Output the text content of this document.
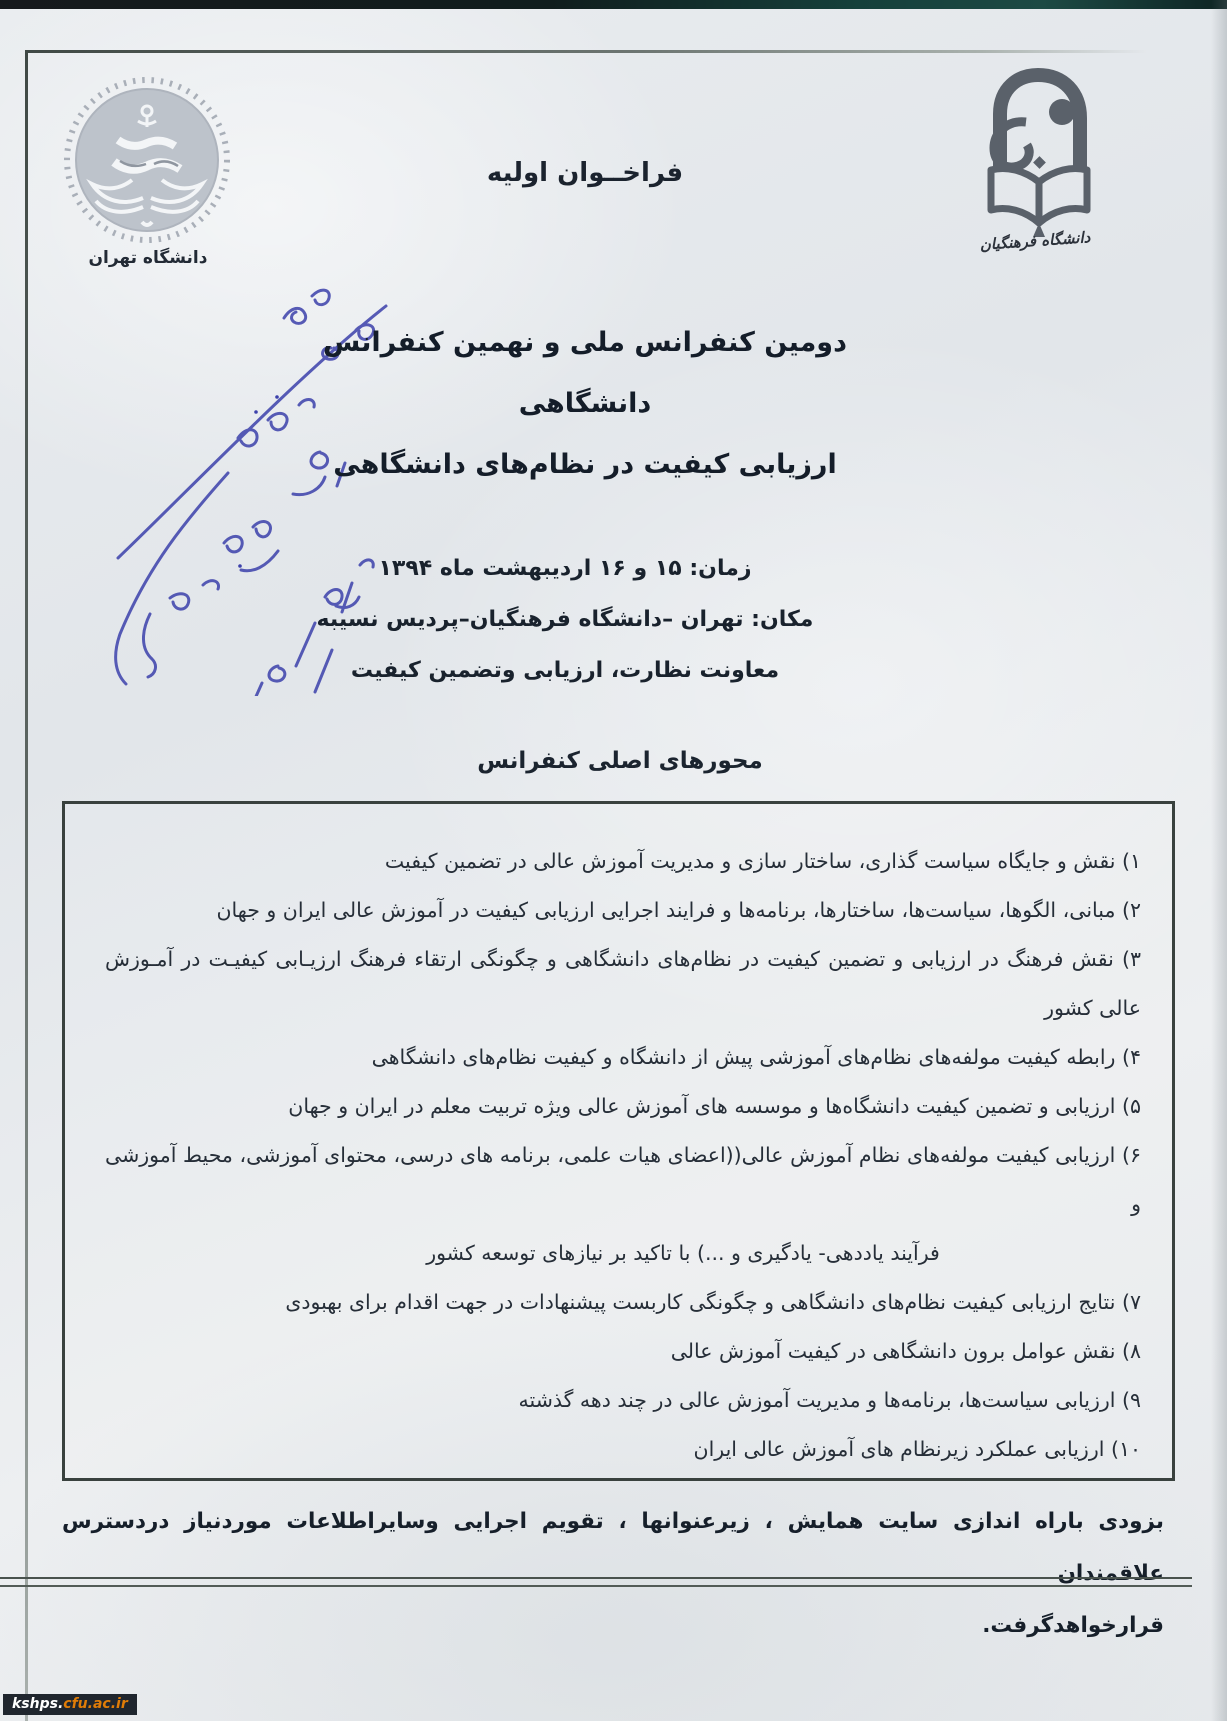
دانشگاه تهران
فراخــوان اولیه
دانشگاه فرهنگیان
دومین کنفرانس ملی و نهمین کنفرانس دانشگاهی
ارزیابی کیفیت در نظام‌های دانشگاهی
زمان: ۱۵ و ۱۶ اردیبهشت ماه ۱۳۹۴
مکان: تهران –دانشگاه فرهنگیان–پردیس نسیبه
معاونت نظارت، ارزیابی وتضمین کیفیت
محورهای اصلی کنفرانس
۱) نقش و جایگاه سیاست گذاری، ساختار سازی و مدیریت آموزش عالی در تضمین کیفیت
۲) مبانی، الگوها، سیاست‌ها، ساختارها، برنامه‌ها و فرایند اجرایی ارزیابی کیفیت در آموزش عالی ایران و جهان
۳) نقش فرهنگ در ارزیابی و تضمین کیفیت در نظام‌های دانشگاهی و چگونگی ارتقاء فرهنگ ارزیـابی کیفیـت در آمـوزش
عالی کشور
۴) رابطه کیفیت مولفه‌های نظام‌های آموزشی پیش از دانشگاه و کیفیت نظام‌های دانشگاهی
۵) ارزیابی و تضمین کیفیت دانشگاه‌ها و موسسه های آموزش عالی ویژه تربیت معلم در ایران و جهان
۶) ارزیابی کیفیت مولفه‌های نظام آموزش عالی((اعضای هیات علمی، برنامه های درسی، محتوای آموزشی، محیط آموزشی و
فرآیند یاددهی- یادگیری و ...) با تاکید بر نیازهای توسعه کشور
۷) نتایج ارزیابی کیفیت نظام‌های دانشگاهی و چگونگی کاربست پیشنهادات در جهت اقدام برای بهبودی
۸) نقش عوامل برون دانشگاهی در کیفیت آموزش عالی
۹) ارزیابی سیاست‌ها، برنامه‌ها و مدیریت آموزش عالی در چند دهه گذشته
۱۰) ارزیابی عملکرد زیرنظام های آموزش عالی ایران
بزودی باراه اندازی سایت همایش ، زیرعنوانها ، تقویم اجرایی وسایراطلاعات موردنیاز دردسترس علاقمندان
قرارخواهدگرفت.
kshps.cfu.ac.ir
